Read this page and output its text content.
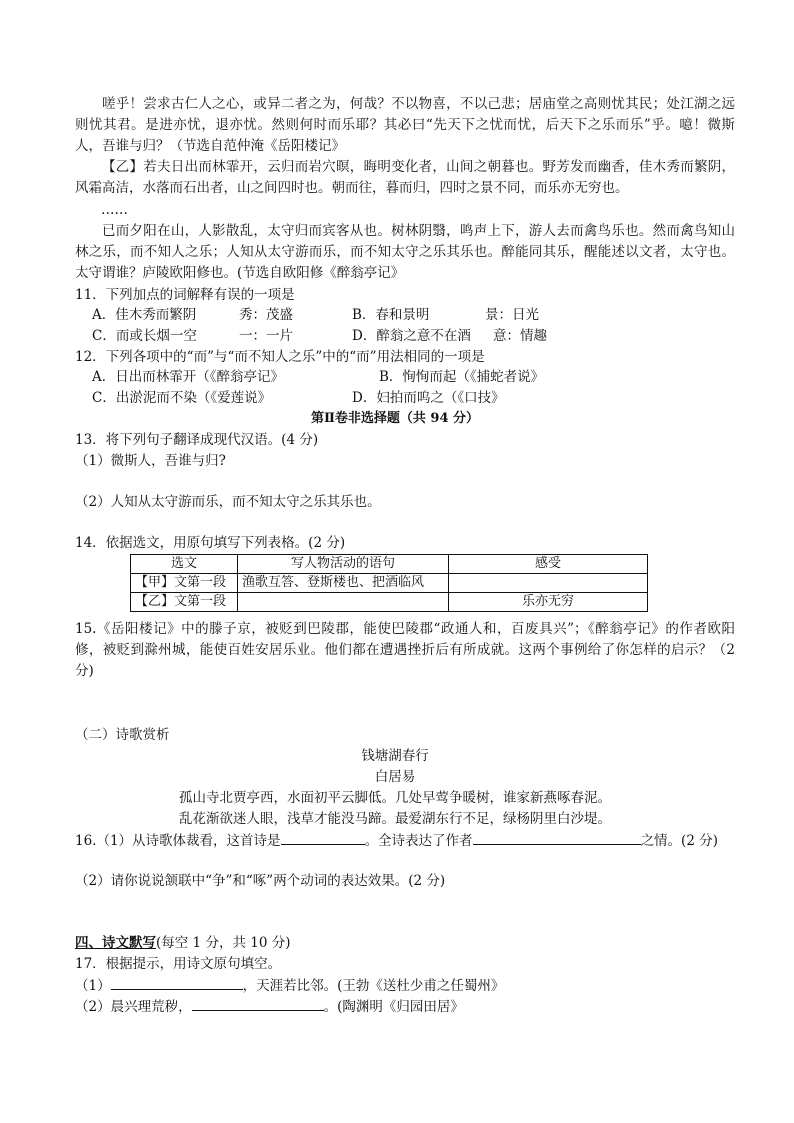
嗟乎！尝求古仁人之心，或异二者之为，何哉？不以物喜，不以己悲；居庙堂之高则忧其民；处江湖之远则忧其君。是进亦忧，退亦忧。然则何时而乐耶？其必曰“先天下之忧而忧，后天下之乐而乐”乎。噫！微斯人，吾谁与归？（节选自范仲淹《岳阳楼记》
【乙】若夫日出而林霏开，云归而岩穴暝，晦明变化者，山间之朝暮也。野芳发而幽香，佳木秀而繁阴，风霜高洁，水落而石出者，山之间四时也。朝而往，暮而归，四时之景不同，而乐亦无穷也。
……
已而夕阳在山，人影散乱，太守归而宾客从也。树林阴翳，鸣声上下，游人去而禽鸟乐也。然而禽鸟知山林之乐，而不知人之乐；人知从太守游而乐，而不知太守之乐其乐也。醉能同其乐，醒能述以文者，太守也。太守谓谁？庐陵欧阳修也。(节选自欧阳修《醉翁亭记》
11．下列加点的词解释有误的一项是
A．佳木秀而繁阴	秀：茂盛	B．春和景明	景：日光
C．而或长烟一空	一：一片	D．醉翁之意不在酒 意：情趣
12．下列各项中的“而”与“而不知人之乐”中的“而”用法相同的一项是
A．日出而林霏开（《醉翁亭记》	B．恂恂而起（《捕蛇者说》
C．出淤泥而不染（《爱莲说》	D．妇拍而呜之（《口技》
第Ⅱ卷非选择题（共 94 分）
13．将下列句子翻译成现代汉语。(4 分)
（1）微斯人，吾谁与归?
（2）人知从太守游而乐，而不知太守之乐其乐也。
14．依据选文，用原句填写下列表格。(2 分)
选文	写人物活动的语句	感受
【甲】文第一段	渔歌互答、登斯楼也、把酒临风	
【乙】文第一段		乐亦无穷
15.《岳阳楼记》中的滕子京，被贬到巴陵郡，能使巴陵郡“政通人和，百废具兴”；《醉翁亭记》的作者欧阳修，被贬到滁州城，能使百姓安居乐业。他们都在遭遇挫折后有所成就。这两个事例给了你怎样的启示？（2 分)
（二）诗歌赏析
钱塘湖春行
白居易
孤山寺北贾亭西，水面初平云脚低。几处早莺争暖树，谁家新燕啄春泥。
乱花渐欲迷人眼，浅草才能没马蹄。最爱湖东行不足，绿杨阴里白沙堤。
16.（1）从诗歌体裁看，这首诗是	。全诗表达了作者	之情。(2 分)
（2）请你说说颔联中“争”和“啄”两个动词的表达效果。(2 分)
四、诗文默写(每空 1 分，共 10 分)
17．根据提示，用诗文原句填空。
（1）	，天涯若比邻。(王勃《送杜少甫之任蜀州》
（2）晨兴理荒秽，	。(陶渊明《归园田居》
